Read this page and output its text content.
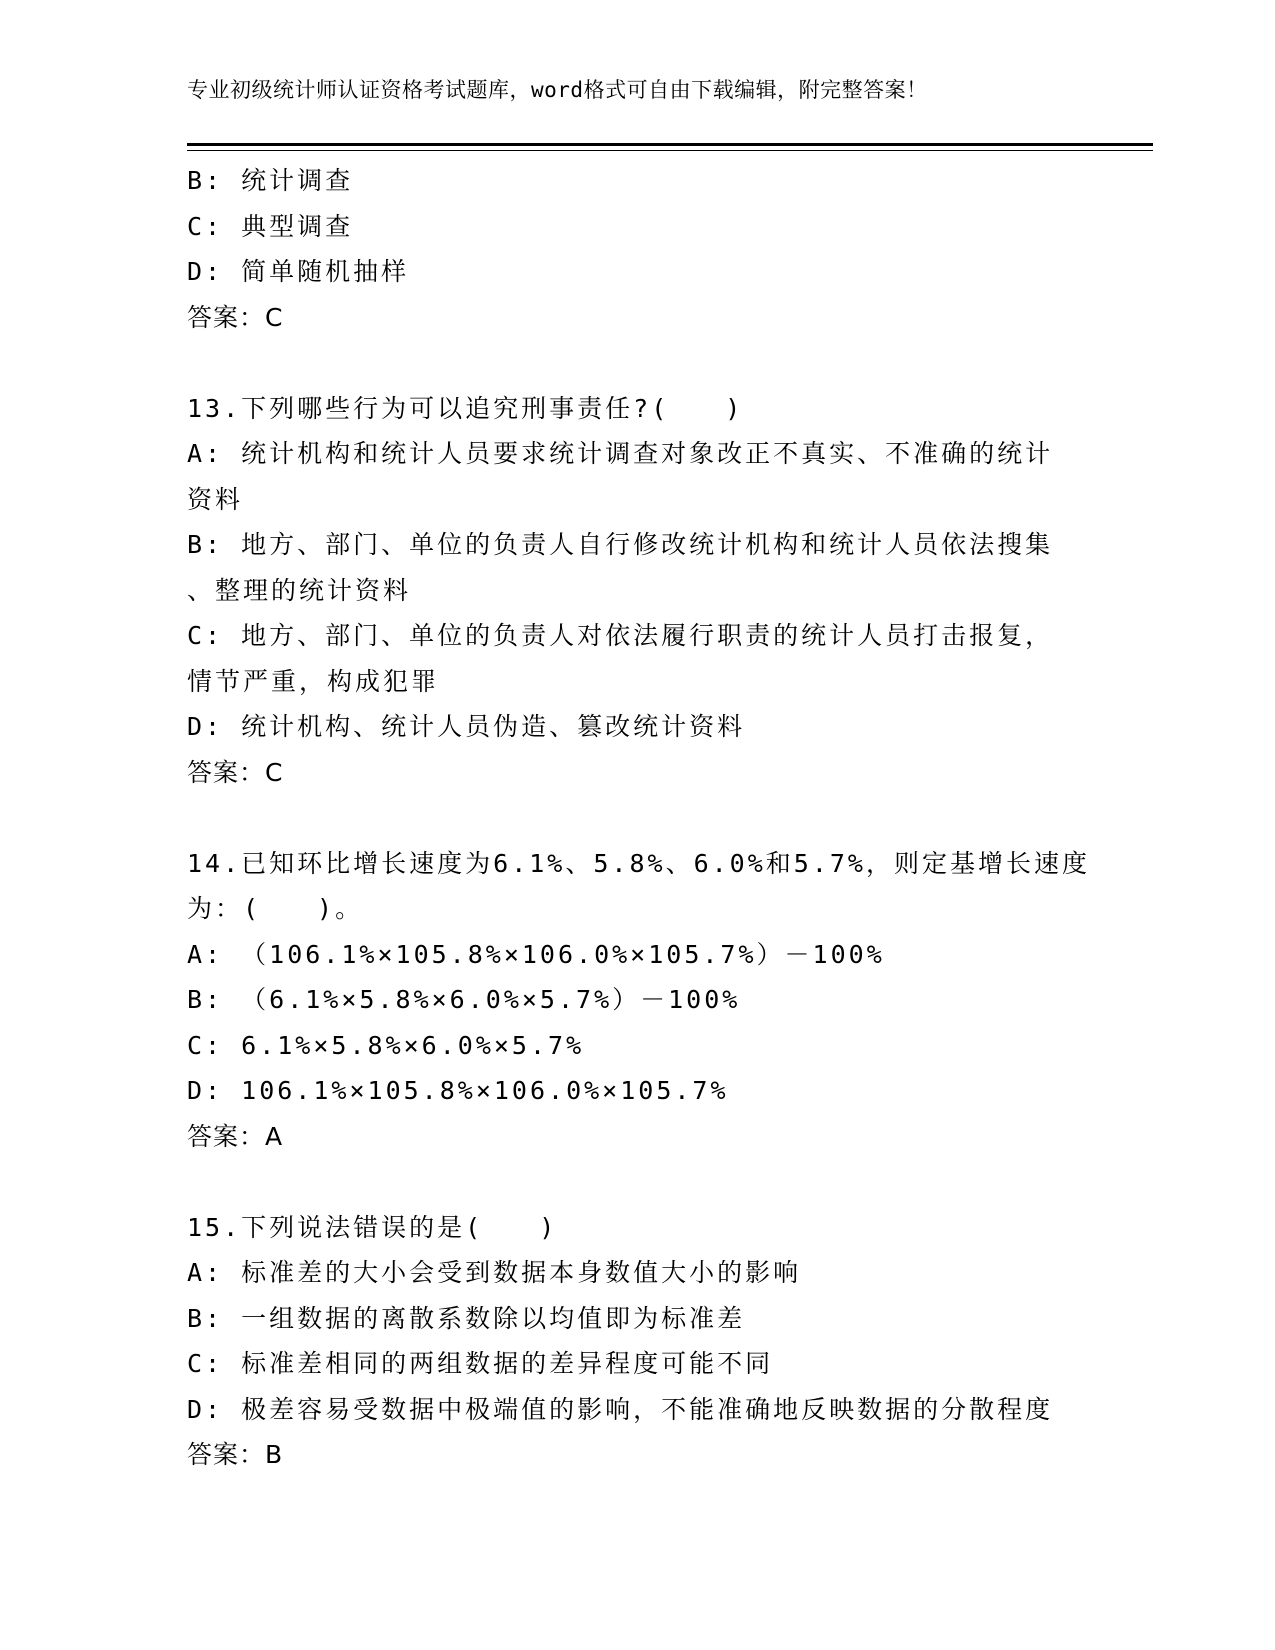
专业初级统计师认证资格考试题库，word格式可自由下载编辑，附完整答案！
B: 统计调查
C: 典型调查
D: 简单随机抽样
答案：C
13.下列哪些行为可以追究刑事责任?(　　)
A: 统计机构和统计人员要求统计调查对象改正不真实、不准确的统计
资料
B: 地方、部门、单位的负责人自行修改统计机构和统计人员依法搜集
、整理的统计资料
C: 地方、部门、单位的负责人对依法履行职责的统计人员打击报复，
情节严重，构成犯罪
D: 统计机构、统计人员伪造、篡改统计资料
答案：C
14.已知环比增长速度为6.1%、5.8%、6.0%和5.7%，则定基增长速度
为：(　　)。
A: （106.1%×105.8%×106.0%×105.7%）－100%
B: （6.1%×5.8%×6.0%×5.7%）－100%
C: 6.1%×5.8%×6.0%×5.7%
D: 106.1%×105.8%×106.0%×105.7%
答案：A
15.下列说法错误的是(　　)
A: 标准差的大小会受到数据本身数值大小的影响
B: 一组数据的离散系数除以均值即为标准差
C: 标准差相同的两组数据的差异程度可能不同
D: 极差容易受数据中极端值的影响，不能准确地反映数据的分散程度
答案：B
